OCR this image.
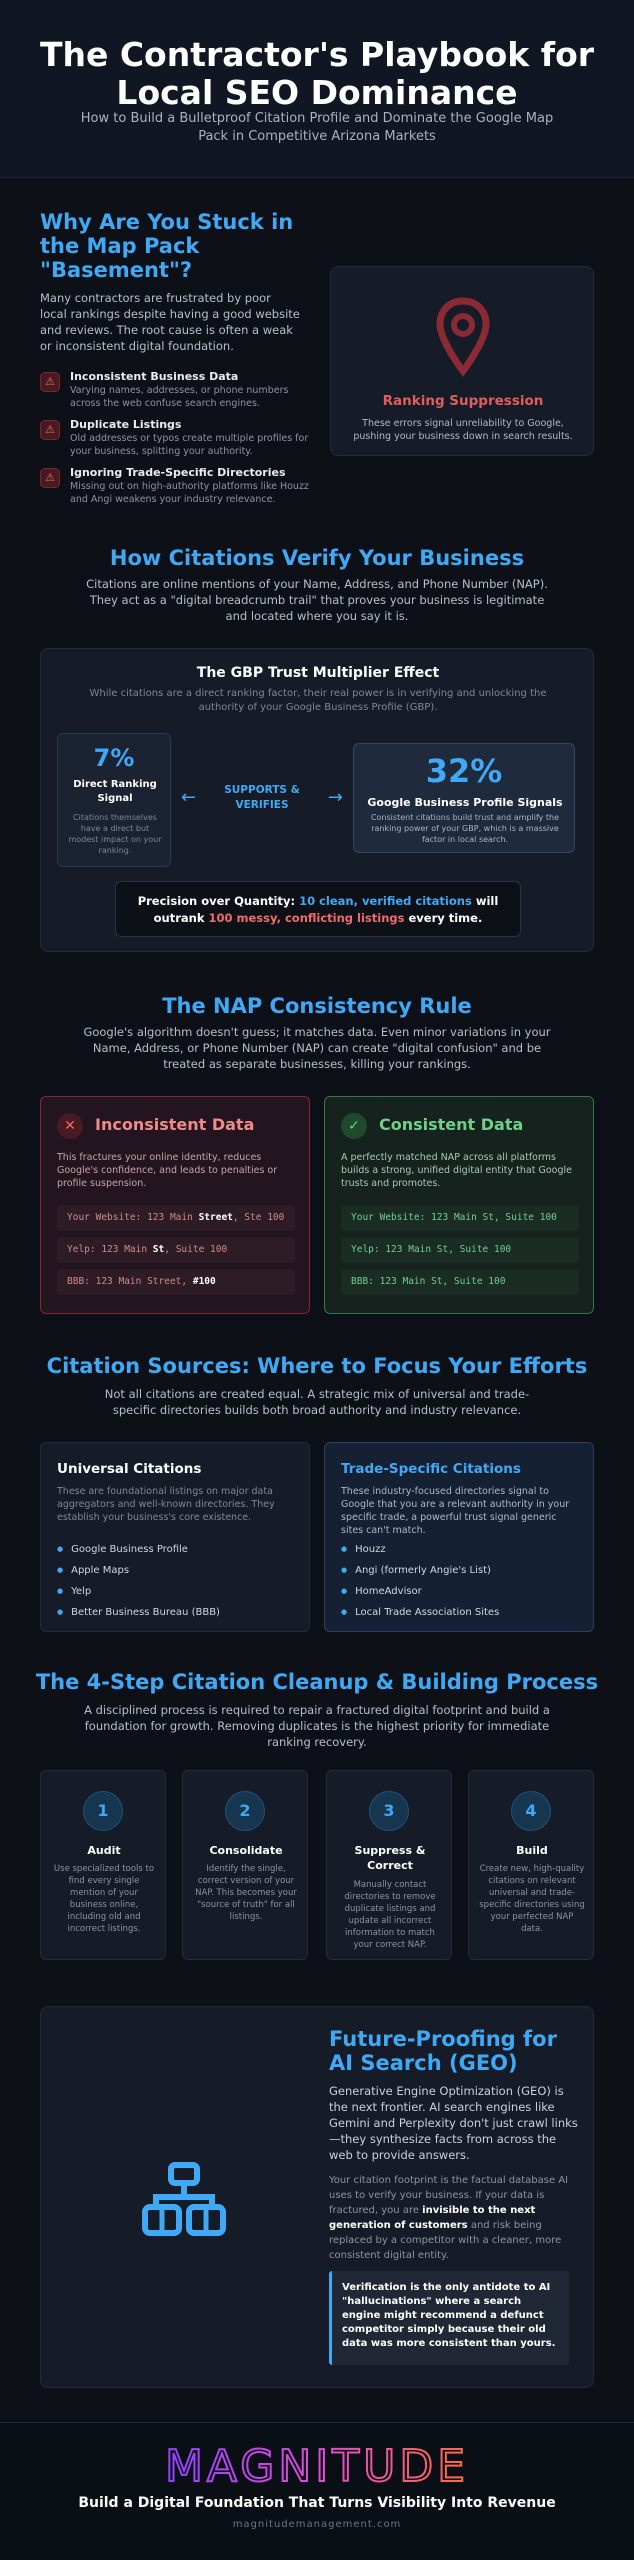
The Contractor's Playbook for Local SEO Dominance

How to Build a Bulletproof Citation Profile and Dominate the Google Map Pack in Competitive Arizona Markets

Why Are You Stuck in the Map Pack "Basement"?

Many contractors are frustrated by poor local rankings despite having a good website and reviews. The root cause is often a weak or inconsistent digital foundation.

⚠	Inconsistent Business Data
Varying names, addresses, or phone numbers across the web confuse search engines.
⚠	Duplicate Listings
Old addresses or typos create multiple profiles for your business, splitting your authority.
⚠	Ignoring Trade-Specific Directories
Missing out on high-authority platforms like Houzz and Angi weakens your industry relevance.
Ranking Suppression
These errors signal unreliability to Google, pushing your business down in search results.
How Citations Verify Your Business

Citations are online mentions of your Name, Address, and Phone Number (NAP). They act as a "digital breadcrumb trail" that proves your business is legitimate and located where you say it is.

The GBP Trust Multiplier Effect
While citations are a direct ranking factor, their real power is in verifying and unlocking the authority of your Google Business Profile (GBP).
7%
Direct Ranking Signal
Citations themselves have a direct but modest impact on your ranking.
←	SUPPORTS & VERIFIES	→
32%
Google Business Profile Signals
Consistent citations build trust and amplify the ranking power of your GBP, which is a massive factor in local search.
Precision over Quantity: 10 clean, verified citations will outrank 100 messy, conflicting listings every time.
The NAP Consistency Rule

Google's algorithm doesn't guess; it matches data. Even minor variations in your Name, Address, or Phone Number (NAP) can create "digital confusion" and be treated as separate businesses, killing your rankings.

✕	Inconsistent Data
This fractures your online identity, reduces Google's confidence, and leads to penalties or profile suspension.
Your Website: 123 Main Street, Ste 100
Yelp: 123 Main St, Suite 100
BBB: 123 Main Street, #100
✓	Consistent Data
A perfectly matched NAP across all platforms builds a strong, unified digital entity that Google trusts and promotes.
Your Website: 123 Main St, Suite 100
Yelp: 123 Main St, Suite 100
BBB: 123 Main St, Suite 100
Citation Sources: Where to Focus Your Efforts

Not all citations are created equal. A strategic mix of universal and trade-specific directories builds both broad authority and industry relevance.

Universal Citations
These are foundational listings on major data aggregators and well-known directories. They establish your business's core existence.
● Google Business Profile
● Apple Maps
● Yelp
● Better Business Bureau (BBB)
Trade-Specific Citations
These industry-focused directories signal to Google that you are a relevant authority in your specific trade, a powerful trust signal generic sites can't match.
● Houzz
● Angi (formerly Angie's List)
● HomeAdvisor
● Local Trade Association Sites
The 4-Step Citation Cleanup & Building Process

A disciplined process is required to repair a fractured digital footprint and build a foundation for growth. Removing duplicates is the highest priority for immediate ranking recovery.

1
Audit
Use specialized tools to find every single mention of your business online, including old and incorrect listings.
2
Consolidate
Identify the single, correct version of your NAP. This becomes your "source of truth" for all listings.
3
Suppress & Correct
Manually contact directories to remove duplicate listings and update all incorrect information to match your correct NAP.
4
Build
Create new, high-quality citations on relevant universal and trade-specific directories using your perfected NAP data.
Future-Proofing for AI Search (GEO)

Generative Engine Optimization (GEO) is the next frontier. AI search engines like Gemini and Perplexity don't just crawl links—they synthesize facts from across the web to provide answers.

Your citation footprint is the factual database AI uses to verify your business. If your data is fractured, you are invisible to the next generation of customers and risk being replaced by a competitor with a cleaner, more consistent digital entity.

Verification is the only antidote to AI "hallucinations" where a search engine might recommend a defunct competitor simply because their old data was more consistent than yours.
MAGNITUDE
Build a Digital Foundation That Turns Visibility Into Revenue
magnitudemanagement.com
